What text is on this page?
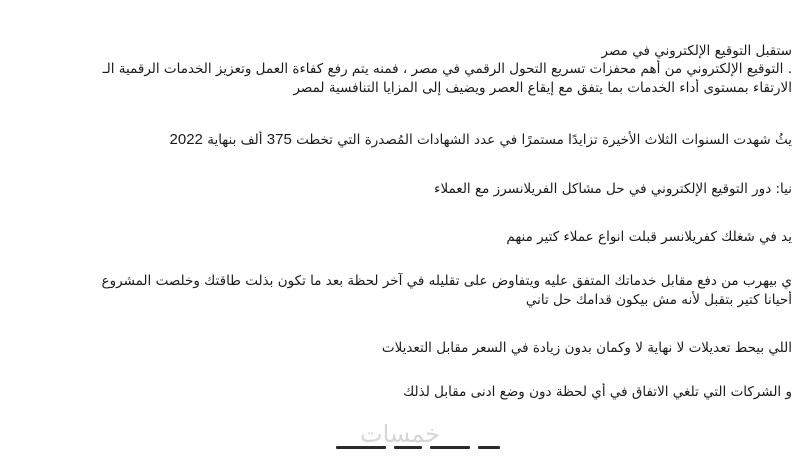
ستقبل التوقيع الإلكتروني في مصر
. التوقيع الإلكتروني من أهم محفزات تسريع التحول الرقمي في مصر ، فمنه يتم رفع كفاءة العمل وتعزيز الخدمات الرقمية الـ
الارتقاء بمستوى أداء الخدمات بما يتفق مع إيقاع العصر ويضيف إلى المزايا التنافسية لمصر
يثُ شهدت السنوات الثلاث الأخيرة تزايدًا مستمرًا في عدد الشهادات المُصدرة التي تخطت 375 ألف بنهاية 2022
نيا: دور التوقيع الإلكتروني في حل مشاكل الفريلانسرز مع العملاء
يد في شغلك كفريلانسر قبلت انواع عملاء كتير منهم
ي بيهرب من دفع مقابل خدماتك المتفق عليه ويتفاوض على تقليله في آخر لحظة بعد ما تكون بذلت طاقتك وخلصت المشروع
أحيانا كتير بتقبل لأنه مش بيكون قدامك حل تاني
اللي بيحط تعديلات لا نهاية لا وكمان بدون زيادة في السعر مقابل التعديلات
و الشركات التي تلغي الاتفاق في أي لحظة دون وضع ادنى مقابل لذلك
خمسات
